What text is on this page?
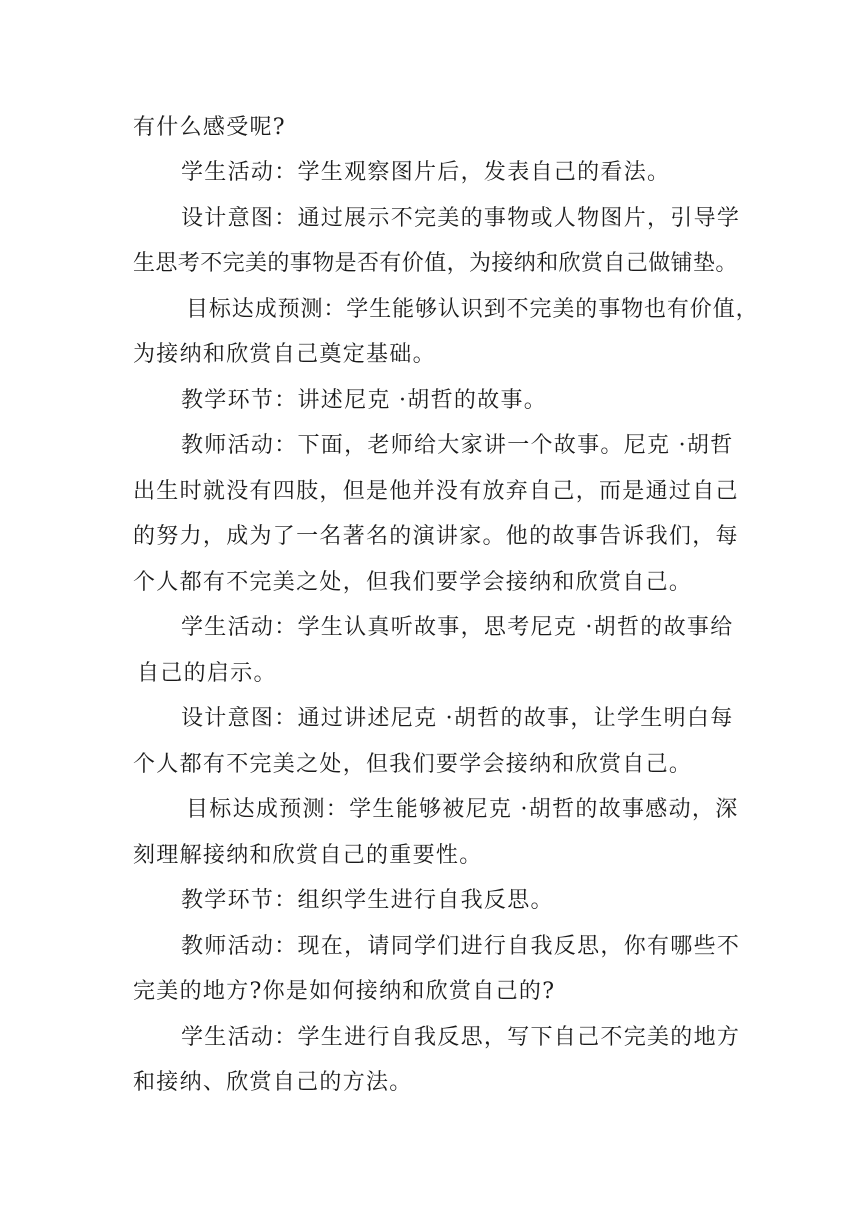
有什么感受呢?
学生活动：学生观察图片后，发表自己的看法。
设计意图：通过展示不完美的事物或人物图片，引导学
生思考不完美的事物是否有价值，为接纳和欣赏自己做铺垫。
目标达成预测：学生能够认识到不完美的事物也有价值，
为接纳和欣赏自己奠定基础。
教学环节：讲述尼克 ·胡哲的故事。
教师活动：下面，老师给大家讲一个故事。尼克 ·胡哲
出生时就没有四肢，但是他并没有放弃自己，而是通过自己
的努力，成为了一名著名的演讲家。他的故事告诉我们，每
个人都有不完美之处，但我们要学会接纳和欣赏自己。
学生活动：学生认真听故事，思考尼克 ·胡哲的故事给
自己的启示。
设计意图：通过讲述尼克 ·胡哲的故事，让学生明白每
个人都有不完美之处，但我们要学会接纳和欣赏自己。
目标达成预测：学生能够被尼克 ·胡哲的故事感动，深
刻理解接纳和欣赏自己的重要性。
教学环节：组织学生进行自我反思。
教师活动：现在，请同学们进行自我反思，你有哪些不
完美的地方?你是如何接纳和欣赏自己的?
学生活动：学生进行自我反思，写下自己不完美的地方
和接纳、欣赏自己的方法。
